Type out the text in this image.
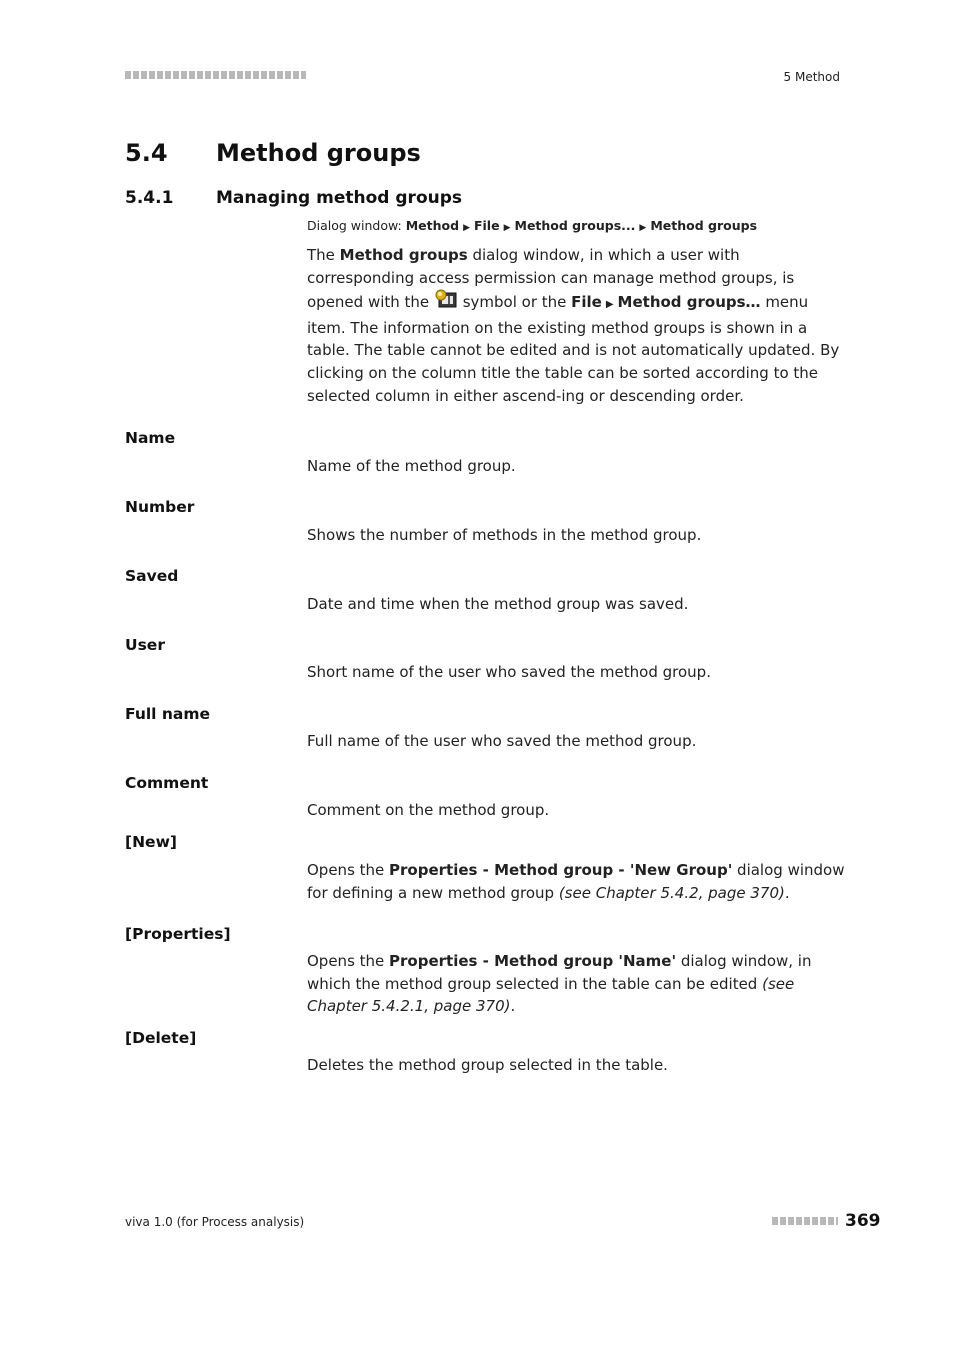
5 Method
5.4 Method groups
5.4.1	Managing method groups
Dialog window: Method ▶ File ▶ Method groups... ▶ Method groups
The Method groups dialog window, in which a user with corresponding access permission can manage method groups, is opened with the  symbol or the File ▶ Method groups… menu item. The information on the existing method groups is shown in a table. The table cannot be edited and is not automatically updated. By clicking on the column title the table can be sorted according to the selected column in either ascend-ing or descending order.
Name
Name of the method group.
Number
Shows the number of methods in the method group.
Saved
Date and time when the method group was saved.
User
Short name of the user who saved the method group.
Full name
Full name of the user who saved the method group.
Comment
Comment on the method group.
[New]
Opens the Properties - Method group - 'New Group' dialog window for defining a new method group (see Chapter 5.4.2, page 370).
[Properties]
Opens the Properties - Method group 'Name' dialog window, in which the method group selected in the table can be edited (see Chapter 5.4.2.1, page 370).
[Delete]
Deletes the method group selected in the table.
viva 1.0 (for Process analysis)	369
